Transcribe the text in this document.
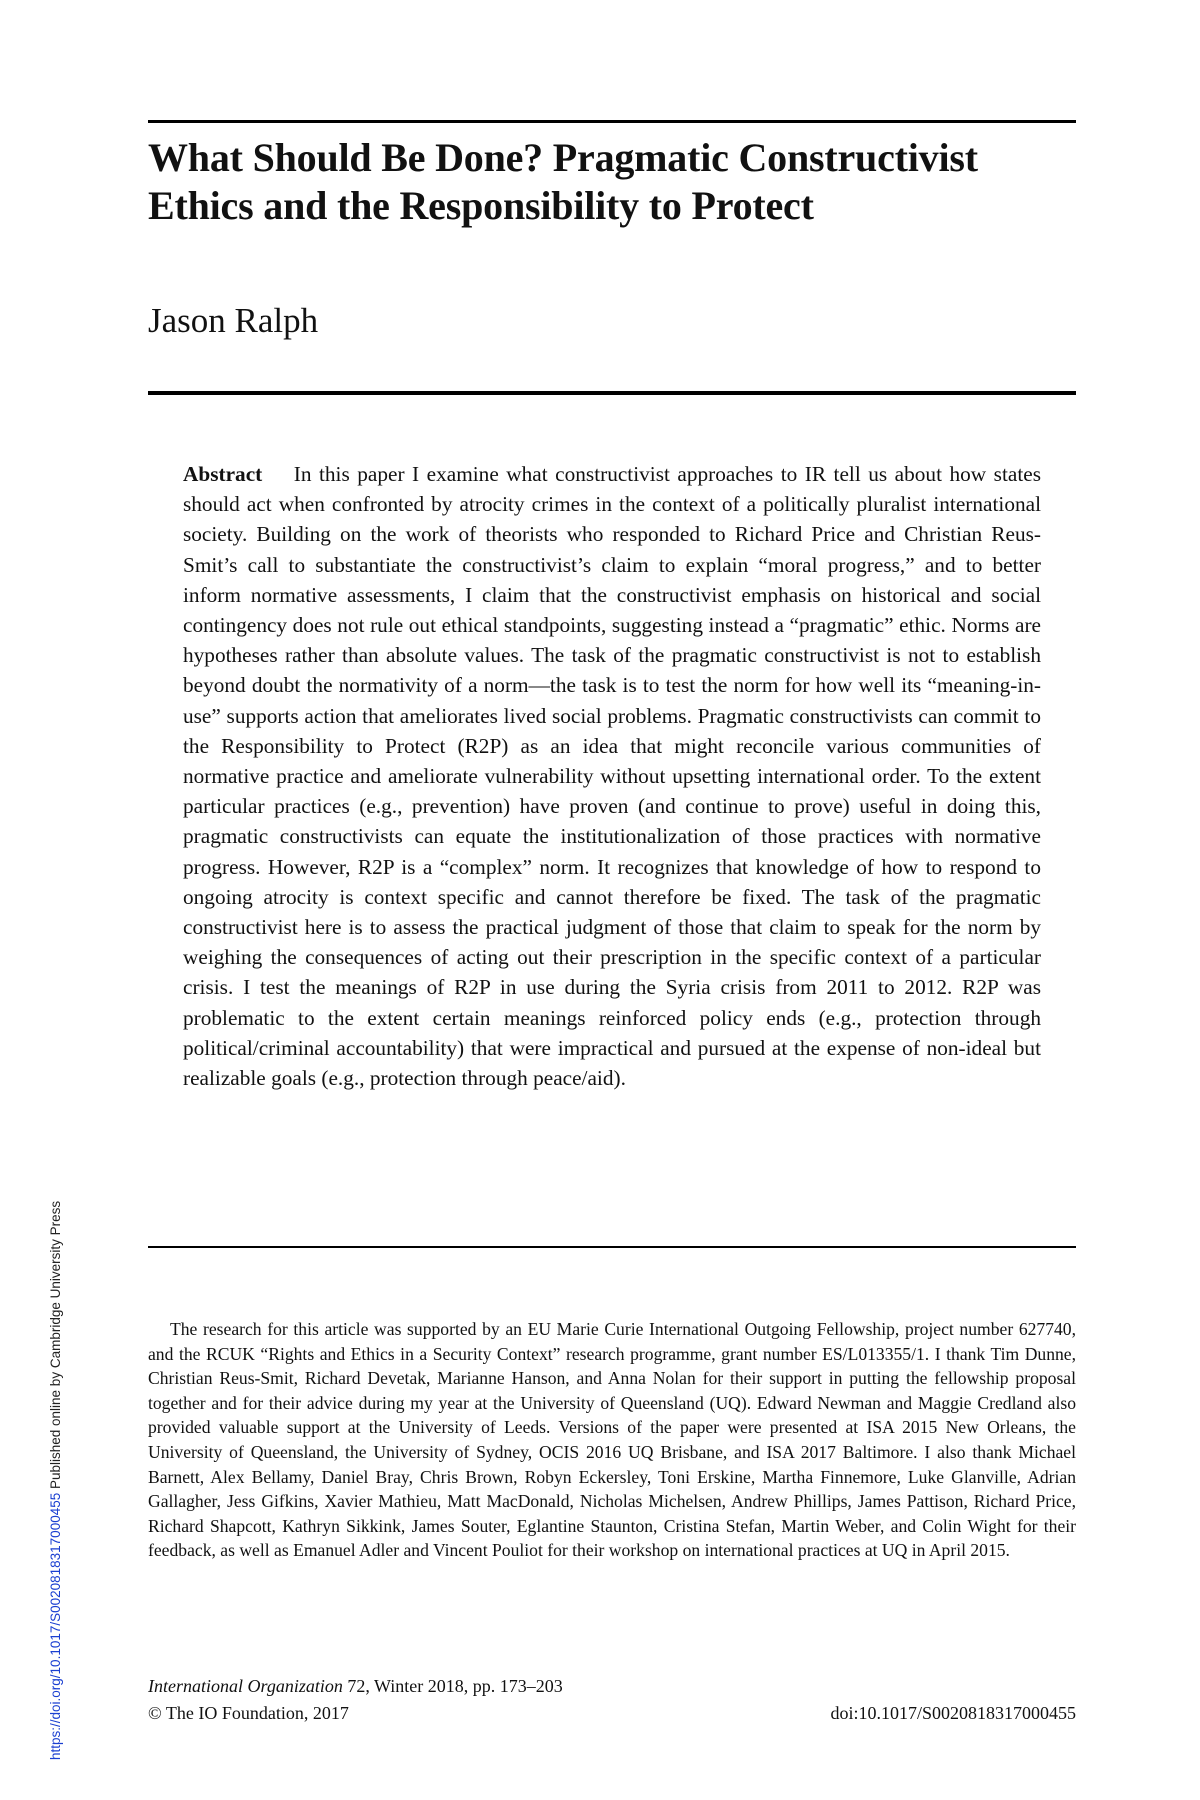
What Should Be Done? Pragmatic Constructivist Ethics and the Responsibility to Protect
Jason Ralph

Abstract In this paper I examine what constructivist approaches to IR tell us about how states should act when confronted by atrocity crimes in the context of a politically pluralist international society. Building on the work of theorists who responded to Richard Price and Christian Reus-Smit’s call to substantiate the constructivist’s claim to explain “moral progress,” and to better inform normative assessments, I claim that the constructivist emphasis on historical and social contingency does not rule out ethical standpoints, suggesting instead a “pragmatic” ethic. Norms are hypotheses rather than absolute values. The task of the pragmatic constructivist is not to establish beyond doubt the normativity of a norm—the task is to test the norm for how well its “meaning-in-use” supports action that ameliorates lived social problems. Pragmatic constructivists can commit to the Responsibility to Protect (R2P) as an idea that might reconcile various communities of normative practice and ameliorate vulnerability without upsetting international order. To the extent particular practices (e.g., prevention) have proven (and continue to prove) useful in doing this, pragmatic constructivists can equate the institutionalization of those practices with normative progress. However, R2P is a “complex” norm. It recognizes that knowledge of how to respond to ongoing atrocity is context specific and cannot therefore be fixed. The task of the pragmatic constructivist here is to assess the practical judgment of those that claim to speak for the norm by weighing the consequences of acting out their prescription in the specific context of a particular crisis. I test the meanings of R2P in use during the Syria crisis from 2011 to 2012. R2P was problematic to the extent certain meanings reinforced policy ends (e.g., protection through political/criminal accountability) that were impractical and pursued at the expense of non-ideal but realizable goals (e.g., protection through peace/aid).

The research for this article was supported by an EU Marie Curie International Outgoing Fellowship, project number 627740, and the RCUK “Rights and Ethics in a Security Context” research programme, grant number ES/L013355/1. I thank Tim Dunne, Christian Reus-Smit, Richard Devetak, Marianne Hanson, and Anna Nolan for their support in putting the fellowship proposal together and for their advice during my year at the University of Queensland (UQ). Edward Newman and Maggie Credland also provided valuable support at the University of Leeds. Versions of the paper were presented at ISA 2015 New Orleans, the University of Queensland, the University of Sydney, OCIS 2016 UQ Brisbane, and ISA 2017 Baltimore. I also thank Michael Barnett, Alex Bellamy, Daniel Bray, Chris Brown, Robyn Eckersley, Toni Erskine, Martha Finnemore, Luke Glanville, Adrian Gallagher, Jess Gifkins, Xavier Mathieu, Matt MacDonald, Nicholas Michelsen, Andrew Phillips, James Pattison, Richard Price, Richard Shapcott, Kathryn Sikkink, James Souter, Eglantine Staunton, Cristina Stefan, Martin Weber, and Colin Wight for their feedback, as well as Emanuel Adler and Vincent Pouliot for their workshop on international practices at UQ in April 2015.

International Organization 72, Winter 2018, pp. 173–203
© The IO Foundation, 2017	doi:10.1017/S0020818317000455
https://doi.org/10.1017/S0020818317000455 Published online by Cambridge University Press
